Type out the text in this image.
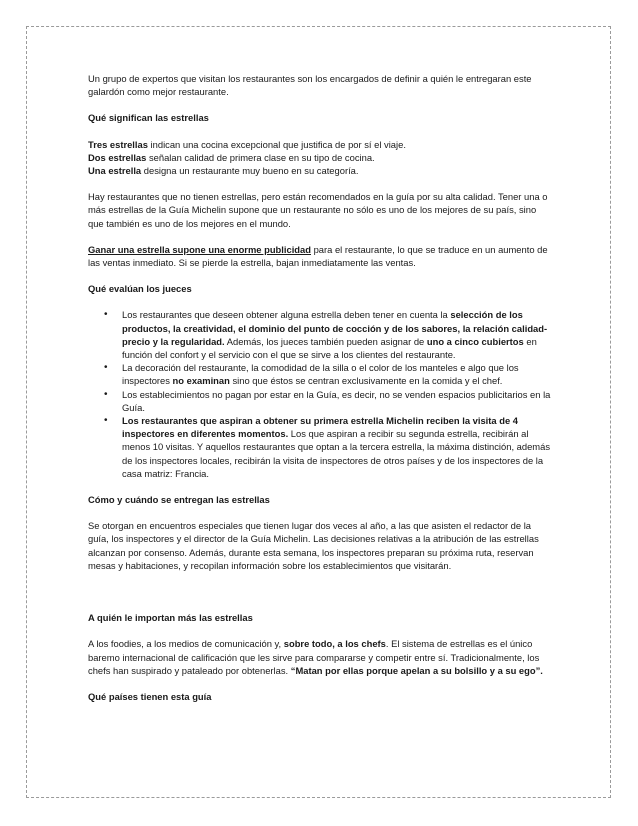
Un grupo de expertos que visitan los restaurantes son los encargados de definir a quién le entregaran este galardón como mejor restaurante.

Qué significan las estrellas

Tres estrellas indican una cocina excepcional que justifica de por sí el viaje.
Dos estrellas señalan calidad de primera clase en su tipo de cocina.
Una estrella designa un restaurante muy bueno en su categoría.

Hay restaurantes que no tienen estrellas, pero están recomendados en la guía por su alta calidad. Tener una o más estrellas de la Guía Michelin supone que un restaurante no sólo es uno de los mejores de su país, sino que también es uno de los mejores en el mundo.

Ganar una estrella supone una enorme publicidad para el restaurante, lo que se traduce en un aumento de las ventas inmediato. Si se pierde la estrella, bajan inmediatamente las ventas.

Qué evalúan los jueces

• Los restaurantes que deseen obtener alguna estrella deben tener en cuenta la selección de los productos, la creatividad, el dominio del punto de cocción y de los sabores, la relación calidad-precio y la regularidad. Además, los jueces también pueden asignar de uno a cinco cubiertos en función del confort y el servicio con el que se sirve a los clientes del restaurante.
• La decoración del restaurante, la comodidad de la silla o el color de los manteles e algo que los inspectores no examinan sino que éstos se centran exclusivamente en la comida y el chef.
• Los establecimientos no pagan por estar en la Guía, es decir, no se venden espacios publicitarios en la Guía.
• Los restaurantes que aspiran a obtener su primera estrella Michelin reciben la visita de 4 inspectores en diferentes momentos. Los que aspiran a recibir su segunda estrella, recibirán al menos 10 visitas. Y aquellos restaurantes que optan a la tercera estrella, la máxima distinción, además de los inspectores locales, recibirán la visita de inspectores de otros países y de los inspectores de la casa matriz: Francia.

Cómo y cuándo se entregan las estrellas

Se otorgan en encuentros especiales que tienen lugar dos veces al año, a las que asisten el redactor de la guía, los inspectores y el director de la Guía Michelin. Las decisiones relativas a la atribución de las estrellas alcanzan por consenso. Además, durante esta semana, los inspectores preparan su próxima ruta, reservan mesas y habitaciones, y recopilan información sobre los establecimientos que visitarán.

A quién le importan más las estrellas

A los foodies, a los medios de comunicación y, sobre todo, a los chefs. El sistema de estrellas es el único baremo internacional de calificación que les sirve para compararse y competir entre sí. Tradicionalmente, los chefs han suspirado y pataleado por obtenerlas. “Matan por ellas porque apelan a su bolsillo y a su ego”.

Qué países tienen esta guía
